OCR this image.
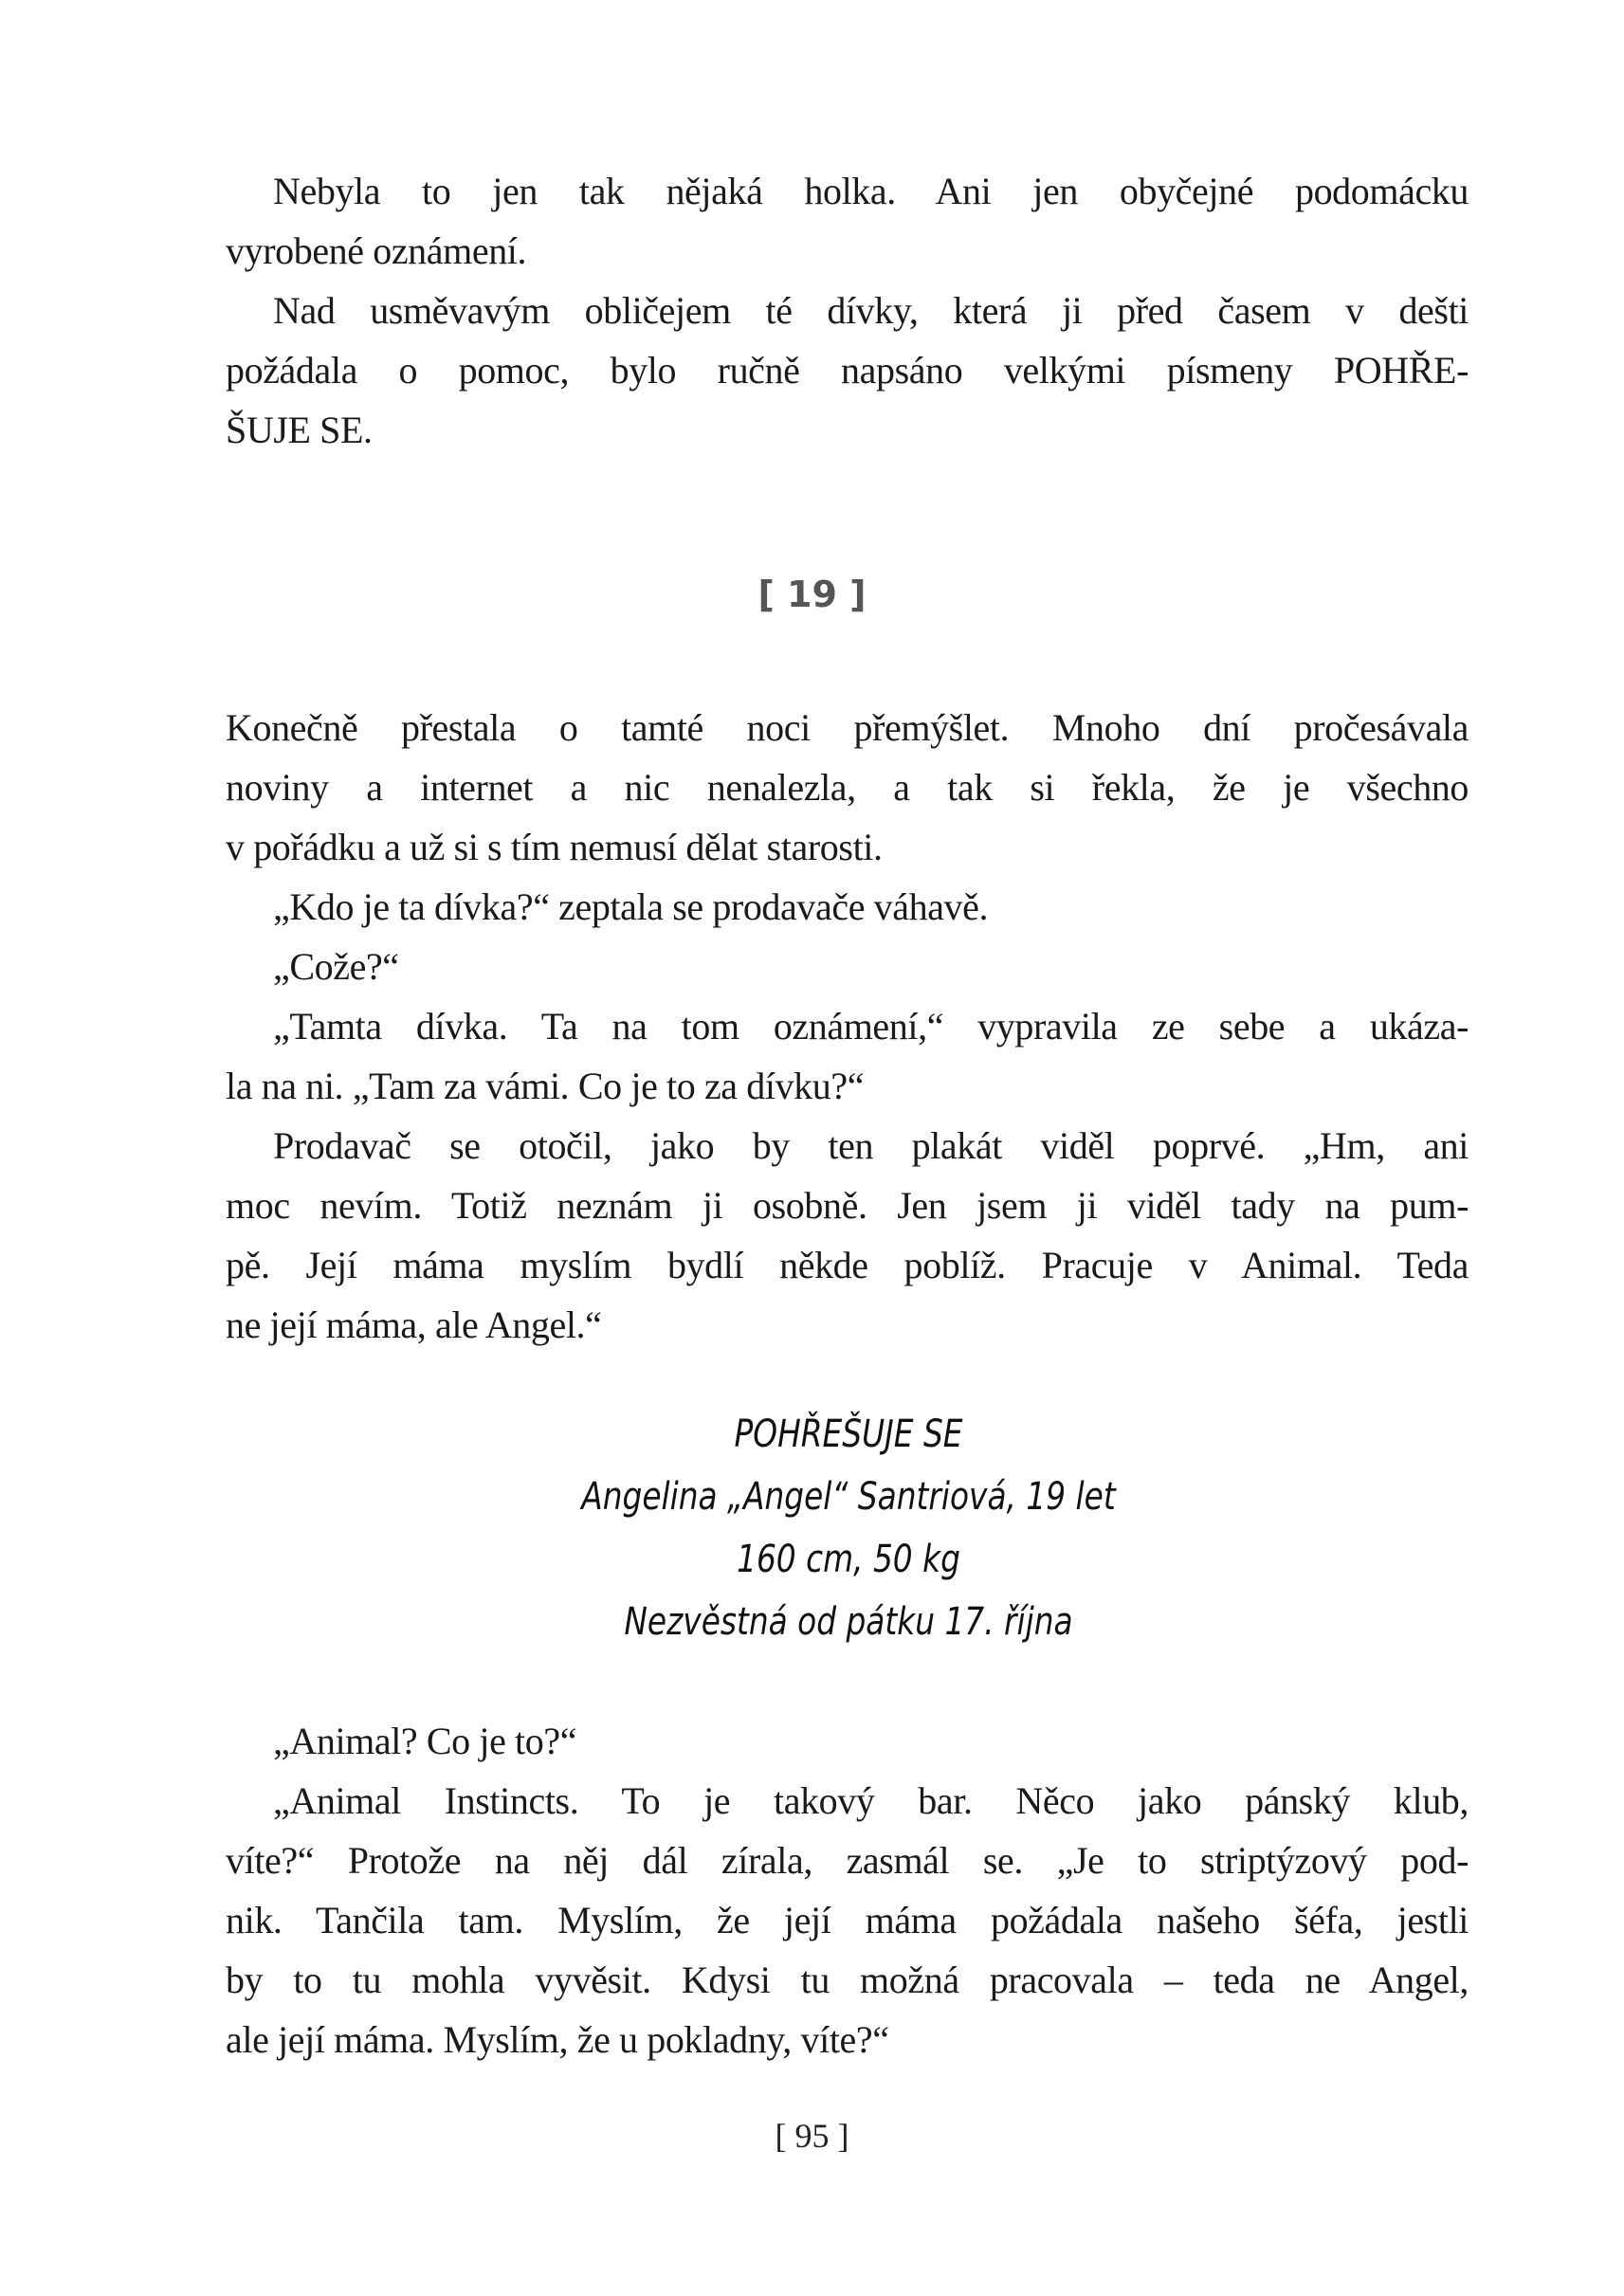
Nebyla to jen tak nějaká holka. Ani jen obyčejné podomácku
vyrobené oznámení.
Nad usměvavým obličejem té dívky, která ji před časem v dešti
požádala o pomoc, bylo ručně napsáno velkými písmeny POHŘE-
ŠUJE SE.
[ 19 ]
Konečně přestala o tamté noci přemýšlet. Mnoho dní pročesávala
noviny a internet a nic nenalezla, a tak si řekla, že je všechno
v pořádku a už si s tím nemusí dělat starosti.
„Kdo je ta dívka?“ zeptala se prodavače váhavě.
„Cože?“
„Tamta dívka. Ta na tom oznámení,“ vypravila ze sebe a ukáza-
la na ni. „Tam za vámi. Co je to za dívku?“
Prodavač se otočil, jako by ten plakát viděl poprvé. „Hm, ani
moc nevím. Totiž neznám ji osobně. Jen jsem ji viděl tady na pum-
pě. Její máma myslím bydlí někde poblíž. Pracuje v Animal. Teda
ne její máma, ale Angel.“
POHŘEŠUJE SE
Angelina „Angel“ Santriová, 19 let
160 cm, 50 kg
Nezvěstná od pátku 17. října
„Animal? Co je to?“
„Animal Instincts. To je takový bar. Něco jako pánský klub,
víte?“ Protože na něj dál zírala, zasmál se. „Je to striptýzový pod-
nik. Tančila tam. Myslím, že její máma požádala našeho šéfa, jestli
by to tu mohla vyvěsit. Kdysi tu možná pracovala – teda ne Angel,
ale její máma. Myslím, že u pokladny, víte?“
[ 95 ]
